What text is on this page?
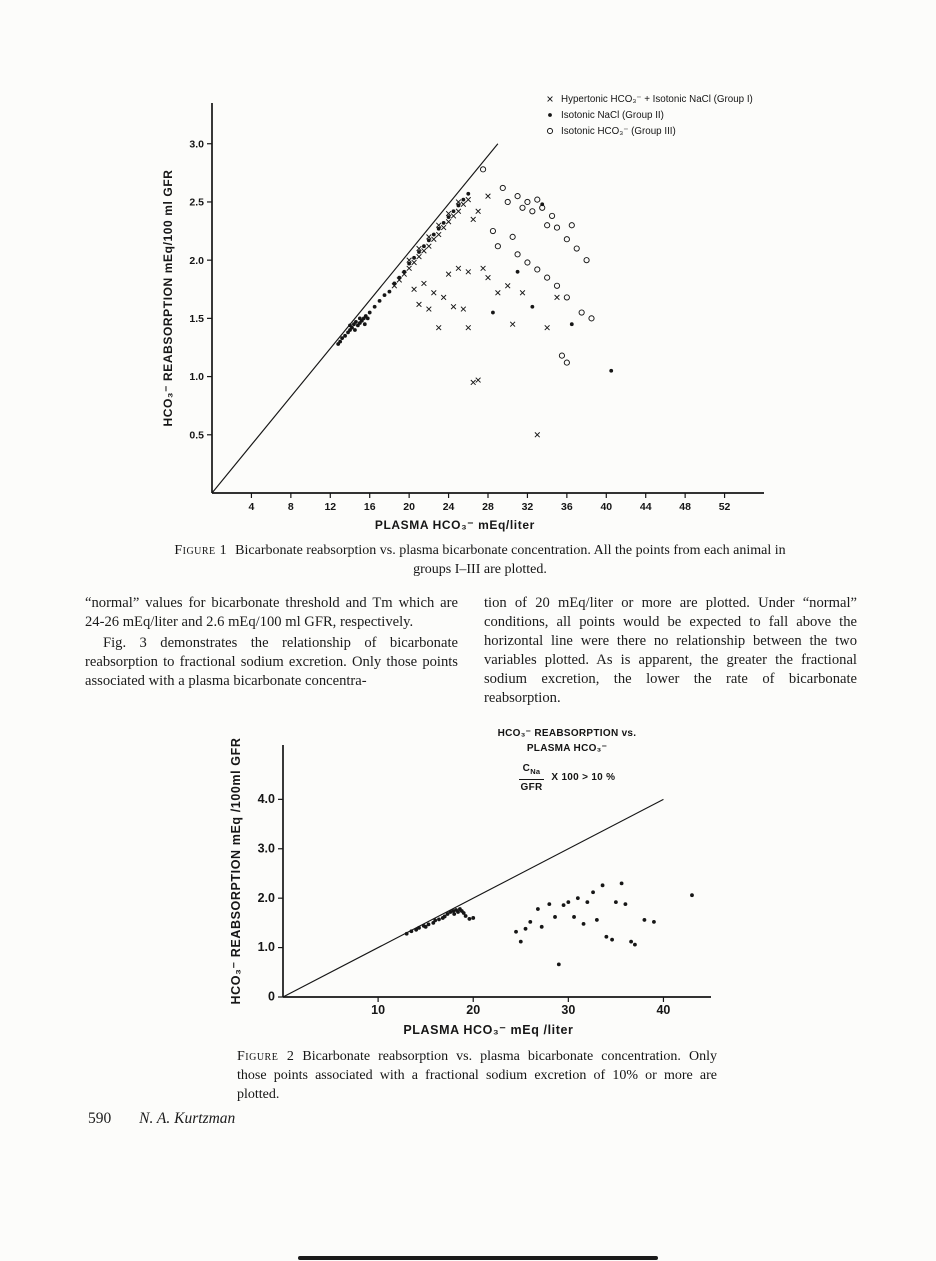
4	8	12	16	20	24	28	32	36	40	44	48	52
0.5
1.0
1.5
2.0
2.5
3.0
PLASMA HCO₃⁻ mEq/liter
HCO₃⁻ REABSORPTION mEq/100 ml GFR
Hypertonic HCO₃⁻ + Isotonic NaCl (Group I)
Isotonic NaCl (Group II)
Isotonic HCO₃⁻ (Group III)
Figure 1 Bicarbonate reabsorption vs. plasma bicarbonate concentration. All the points from each animal in groups I–III are plotted.

“normal” values for bicarbonate threshold and Tm which are 24-26 mEq/liter and 2.6 mEq/100 ml GFR, respectively.

Fig. 3 demonstrates the relationship of bicarbonate reabsorption to fractional sodium excretion. Only those points associated with a plasma bicarbonate concentra-

tion of 20 mEq/liter or more are plotted. Under “normal” conditions, all points would be expected to fall above the horizontal line were there no relationship between the two variables plotted. As is apparent, the greater the fractional sodium excretion, the lower the rate of bicarbonate reabsorption.

10	20	30	40
0
1.0
2.0
3.0
4.0
PLASMA HCO₃⁻ mEq /liter
HCO₃⁻ REABSORPTION mEq /100ml GFR
HCO₃⁻ REABSORPTION vs.
PLASMA HCO₃⁻
$\frac{C_{Na}}{\text{GFR}}$ X 100 > 10 %
Figure 2 Bicarbonate reabsorption vs. plasma bicarbonate concentration. Only those points associated with a fractional sodium excretion of 10% or more are plotted.
590 N. A. Kurtzman
